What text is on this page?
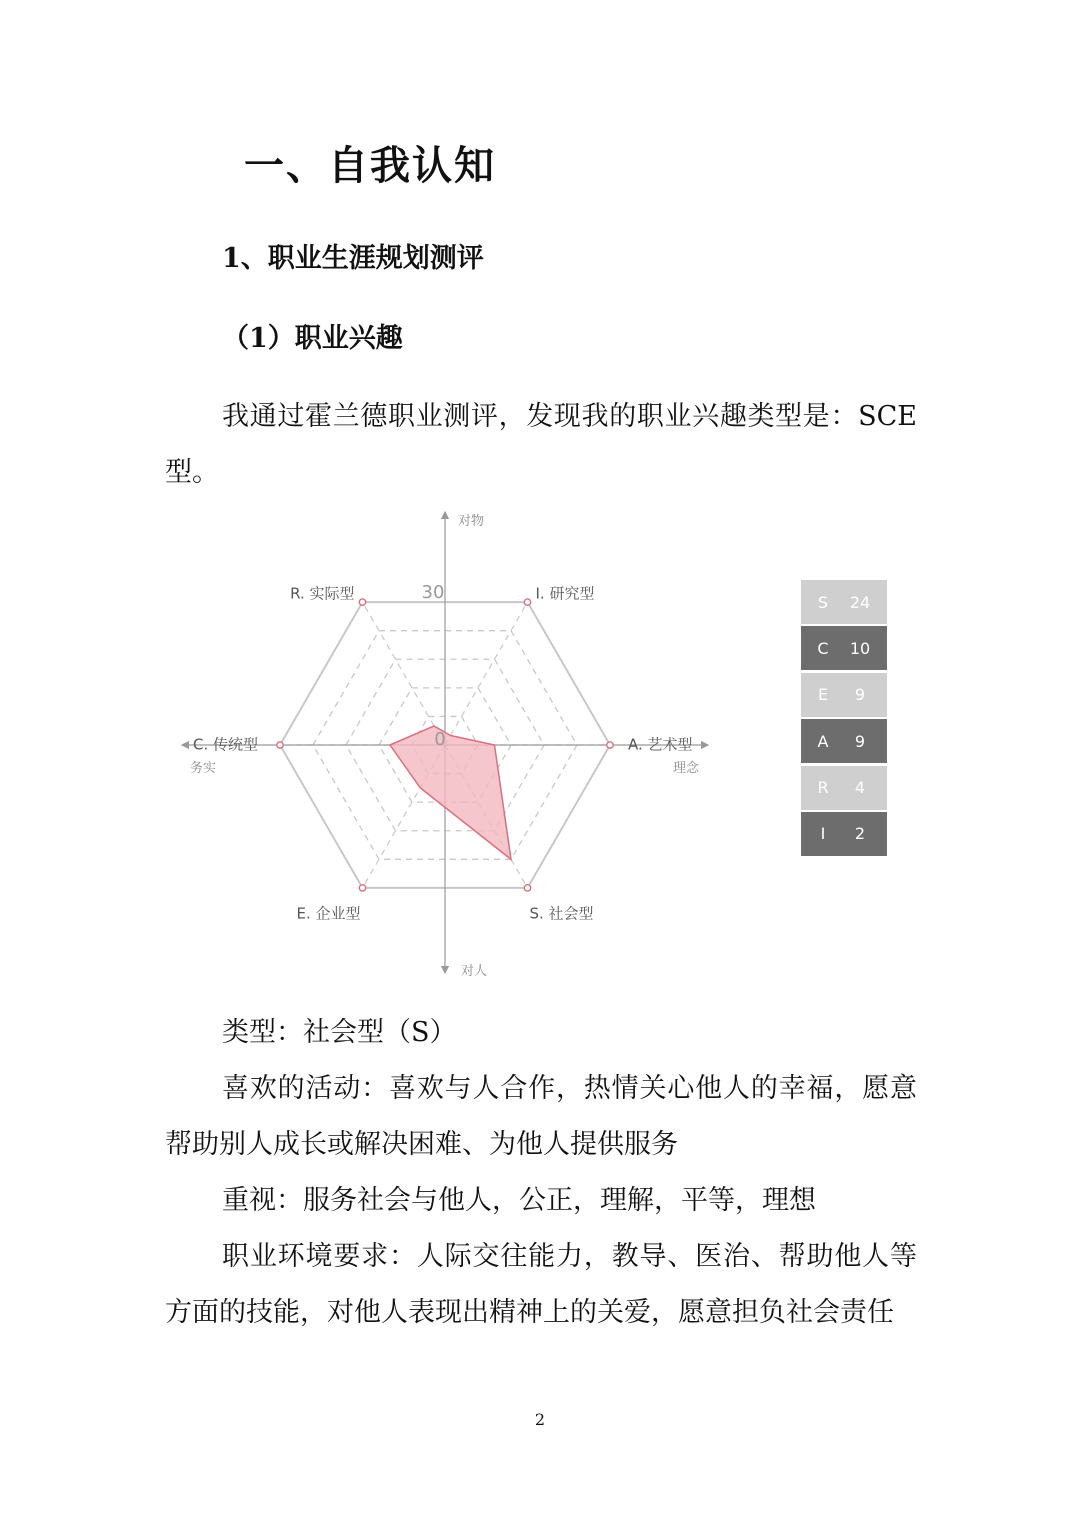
一、自我认知
1、职业生涯规划测评
（1）职业兴趣

我通过霍兰德职业测评，发现我的职业兴趣类型是：SCE型。

I. 研究型
A. 艺术型
S. 社会型
E. 企业型
C. 传统型
R. 实际型	30
0
对物
对人
务实	理念
S	24
C	10
E	9
A	9
R	4
I	2

类型：社会型（S）

喜欢的活动：喜欢与人合作，热情关心他人的幸福，愿意帮助别人成长或解决困难、为他人提供服务

重视：服务社会与他人，公正，理解，平等，理想

职业环境要求：人际交往能力，教导、医治、帮助他人等方面的技能，对他人表现出精神上的关爱，愿意担负社会责任

2
